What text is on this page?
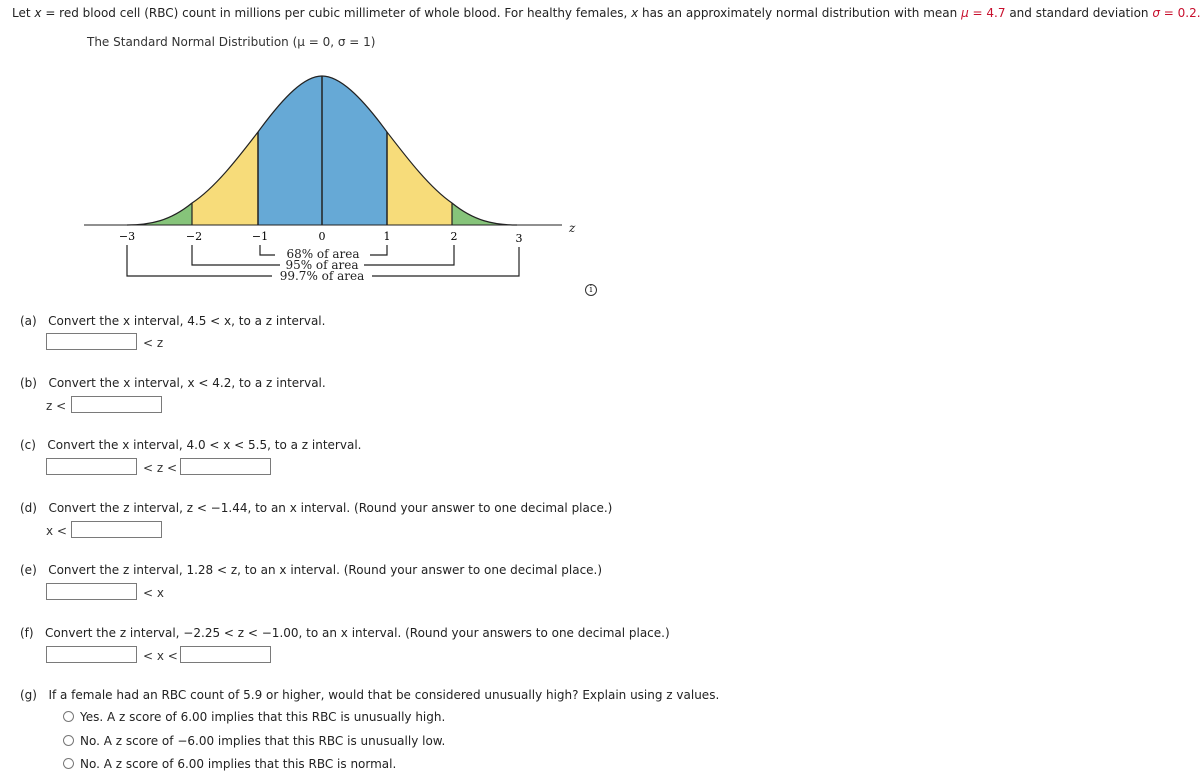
Let x = red blood cell (RBC) count in millions per cubic millimeter of whole blood. For healthy females, x has an approximately normal distribution with mean μ = 4.7 and standard deviation σ = 0.2.
The Standard Normal Distribution (μ = 0, σ = 1)
z
−3	−2	−1	0	1	2	3
68% of area
95% of area
99.7% of area
i
(a) Convert the x interval, 4.5 < x, to a z interval.
< z
(b) Convert the x interval, x < 4.2, to a z interval.
z <
(c) Convert the x interval, 4.0 < x < 5.5, to a z interval.
< z <
(d) Convert the z interval, z < −1.44, to an x interval. (Round your answer to one decimal place.)
x <
(e) Convert the z interval, 1.28 < z, to an x interval. (Round your answer to one decimal place.)
< x
(f) Convert the z interval, −2.25 < z < −1.00, to an x interval. (Round your answers to one decimal place.)
< x <
(g) If a female had an RBC count of 5.9 or higher, would that be considered unusually high? Explain using z values.
Yes. A z score of 6.00 implies that this RBC is unusually high.
No. A z score of −6.00 implies that this RBC is unusually low.
No. A z score of 6.00 implies that this RBC is normal.
